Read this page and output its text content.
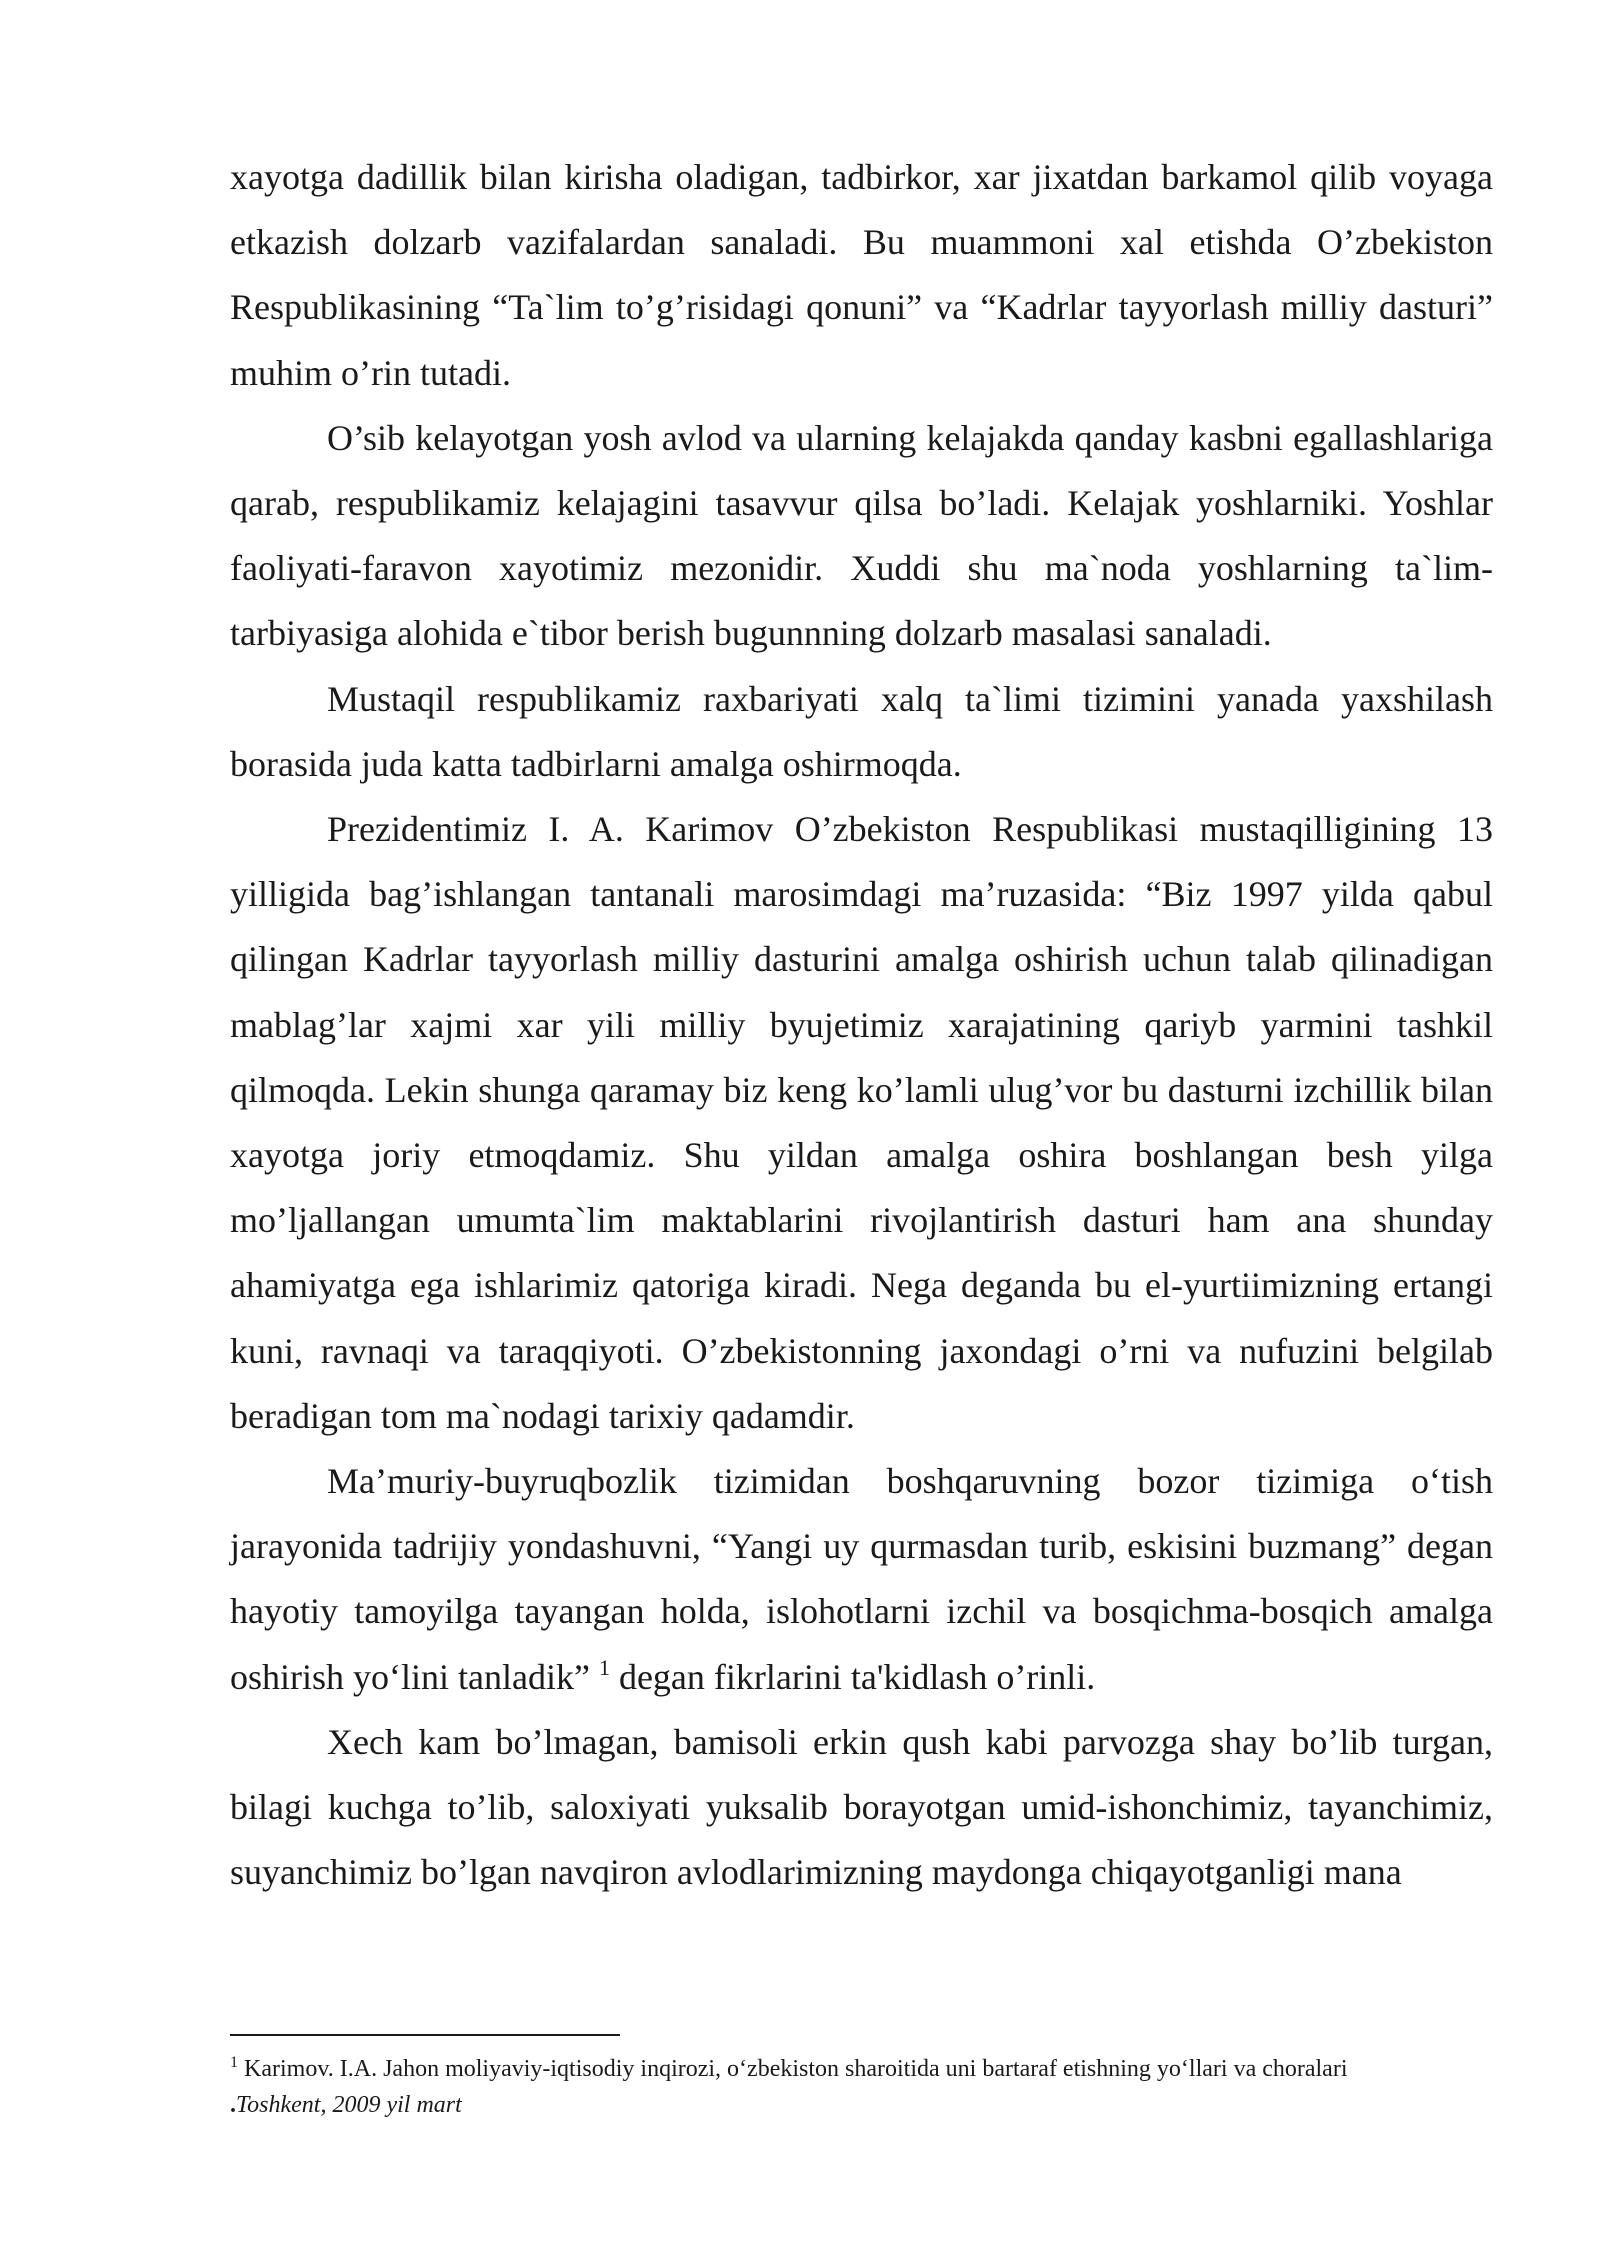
xayotga dadillik bilan kirisha oladigan, tadbirkor, xar jixatdan barkamol qilib voyaga etkazish dolzarb vazifalardan sanaladi. Bu muammoni xal etishda O’zbekiston Respublikasining “Ta`lim to’g’risidagi qonuni” va “Kadrlar tayyorlash milliy dasturi” muhim o’rin tutadi.

O’sib kelayotgan yosh avlod va ularning kelajakda qanday kasbni egallashlariga qarab, respublikamiz kelajagini tasavvur qilsa bo’ladi. Kelajak yoshlarniki. Yoshlar faoliyati-faravon xayotimiz mezonidir. Xuddi shu ma`noda yoshlarning ta`lim-tarbiyasiga alohida e`tibor berish bugunnning dolzarb masalasi sanaladi.

Mustaqil respublikamiz raxbariyati xalq ta`limi tizimini yanada yaxshilash borasida juda katta tadbirlarni amalga oshirmoqda.

Prezidentimiz I. A. Karimov O’zbekiston Respublikasi mustaqilligining 13 yilligida bag’ishlangan tantanali marosimdagi ma’ruzasida: “Biz 1997 yilda qabul qilingan Kadrlar tayyorlash milliy dasturini amalga oshirish uchun talab qilinadigan mablag’lar xajmi xar yili milliy byujetimiz xarajatining qariyb yarmini tashkil qilmoqda. Lekin shunga qaramay biz keng ko’lamli ulug’vor bu dasturni izchillik bilan xayotga joriy etmoqdamiz. Shu yildan amalga oshira boshlangan besh yilga mo’ljallangan umumta`lim maktablarini rivojlantirish dasturi ham ana shunday ahamiyatga ega ishlarimiz qatoriga kiradi. Nega deganda bu el-yurtiimizning ertangi kuni, ravnaqi va taraqqiyoti. O’zbekistonning jaxondagi o’rni va nufuzini belgilab beradigan tom ma`nodagi tarixiy qadamdir.

Ma’muriy-buyruqbozlik tizimidan boshqaruvning bozor tizimiga o‘tish jarayonida tadrijiy yondashuvni, “Yangi uy qurmasdan turib, eskisini buzmang” degan hayotiy tamoyilga tayangan holda, islohotlarni izchil va bosqichma-bosqich amalga oshirish yo‘lini tanladik” $^1$ degan fikrlarini ta'kidlash o’rinli.

Xech kam bo’lmagan, bamisoli erkin qush kabi parvozga shay bo’lib turgan, bilagi kuchga to’lib, saloxiyati yuksalib borayotgan umid-ishonchimiz, tayanchimiz, suyanchimiz bo’lgan navqiron avlodlarimizning maydonga chiqayotganligi mana

$^1$ Karimov. I.A. Jahon moliyaviy-iqtisodiy inqirozi, o‘zbekiston sharoitida uni bartaraf etishning yo‘llari va choralari
.Toshkent, 2009 yil mart
